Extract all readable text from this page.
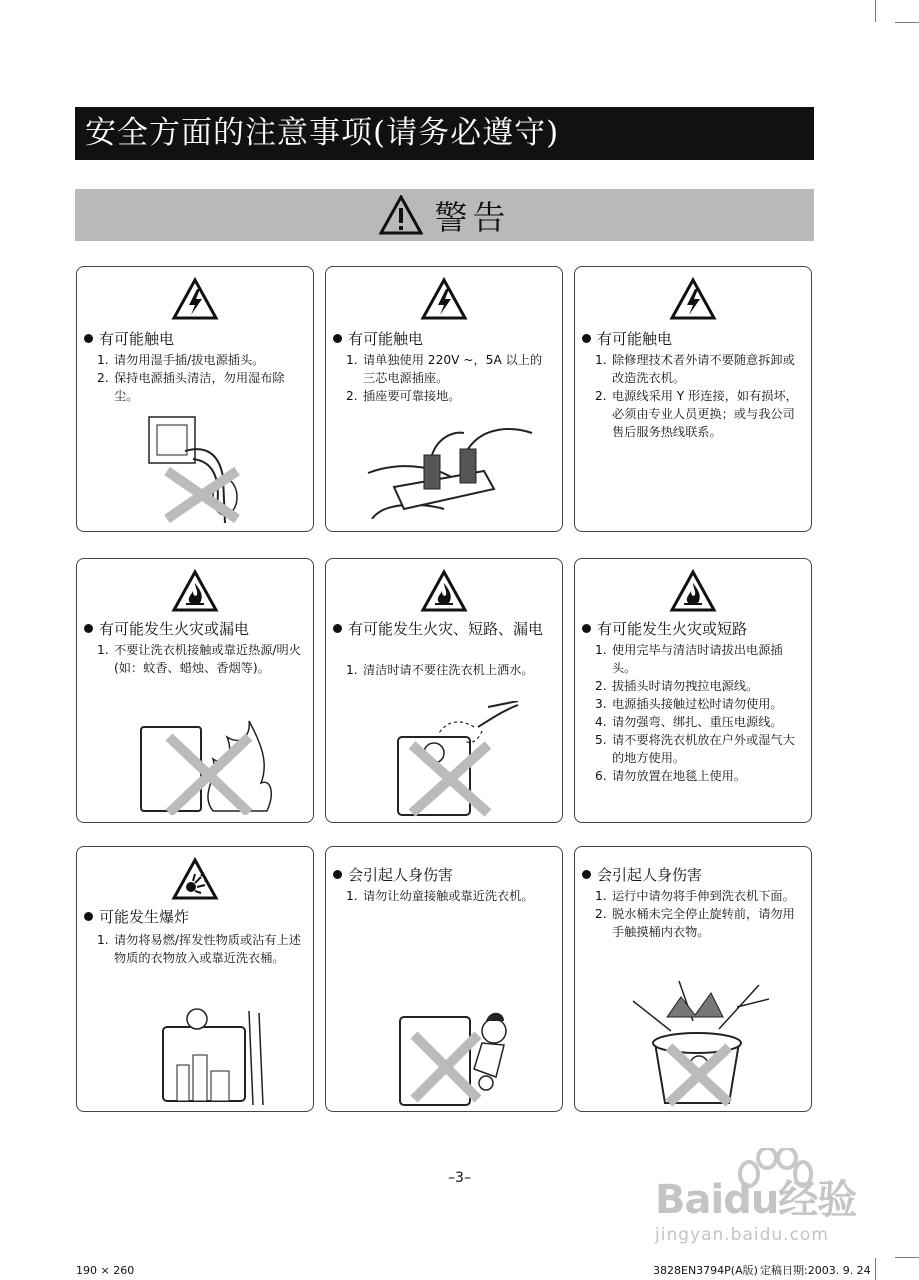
安全方面的注意事项(请务必遵守)
警告
有可能触电
1. 请勿用湿手插/拔电源插头。
2. 保持电源插头清洁，勿用湿布除尘。
有可能触电
1. 请单独使用 220V ~，5A 以上的三芯电源插座。
2. 插座要可靠接地。
有可能触电
1. 除修理技术者外请不要随意拆卸或改造洗衣机。
2. 电源线采用 Y 形连接，如有损坏，必须由专业人员更换；或与我公司售后服务热线联系。
有可能发生火灾或漏电
1. 不要让洗衣机接触或靠近热源/明火 (如：蚊香、蜡烛、香烟等)。
有可能发生火灾、短路、漏电
1. 清洁时请不要往洗衣机上洒水。
有可能发生火灾或短路
1. 使用完毕与清洁时请拔出电源插头。
2. 拔插头时请勿拽拉电源线。
3. 电源插头接触过松时请勿使用。
4. 请勿强弯、绑扎、重压电源线。
5. 请不要将洗衣机放在户外或湿气大的地方使用。
6. 请勿放置在地毯上使用。
可能发生爆炸
1. 请勿将易燃/挥发性物质或沾有上述物质的衣物放入或靠近洗衣桶。
会引起人身伤害
1. 请勿让幼童接触或靠近洗衣机。
会引起人身伤害
1. 运行中请勿将手伸到洗衣机下面。
2. 脱水桶未完全停止旋转前，请勿用手触摸桶内衣物。
–3–	Baidu经验
jingyan.baidu.com
190 × 260	3828EN3794P(A版) 定稿日期:2003. 9. 24
